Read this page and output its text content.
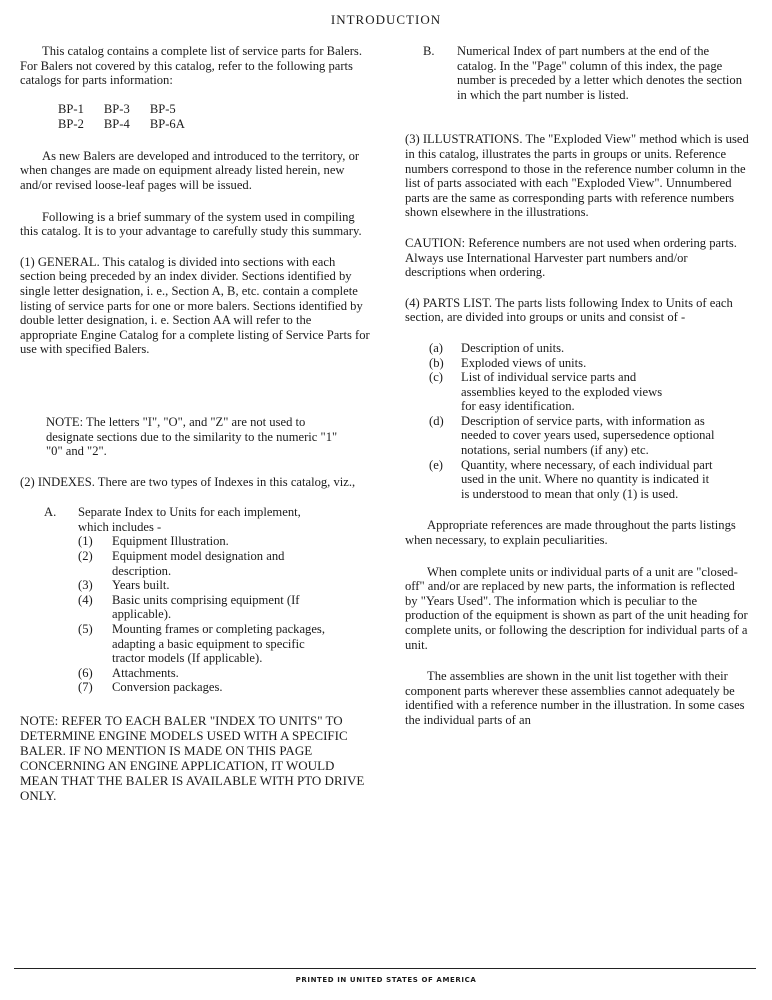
INTRODUCTION

This catalog contains a complete list of service parts for Balers. For Balers not covered by this catalog, refer to the following parts catalogs for parts information:

BP-1	BP-3	BP-5
BP-2	BP-4	BP-6A

As new Balers are developed and introduced to the territory, or when changes are made on equipment already listed herein, new and/or revised loose-leaf pages will be issued.

Following is a brief summary of the system used in compiling this catalog. It is to your advantage to carefully study this summary.

(1) GENERAL. This catalog is divided into sections with each section being preceded by an index divider. Sections identified by single letter designation, i. e., Section A, B, etc. contain a complete listing of service parts for one or more balers. Sections identified by double letter designation, i. e. Section AA will refer to the appropriate Engine Catalog for a complete listing of Service Parts for use with specified Balers.

NOTE: The letters "I", "O", and "Z" are not used to designate sections due to the similarity to the numeric "1" "0" and "2".

(2) INDEXES. There are two types of Indexes in this catalog, viz.,

A.	Separate Index to Units for each implement, which includes -
(1)	Equipment Illustration.
(2)	Equipment model designation and description.
(3)	Years built.
(4)	Basic units comprising equipment (If applicable).
(5)	Mounting frames or completing packages, adapting a basic equipment to specific tractor models (If applicable).
(6)	Attachments.
(7)	Conversion packages.

NOTE: REFER TO EACH BALER "INDEX TO UNITS" TO DETERMINE ENGINE MODELS USED WITH A SPECIFIC BALER. IF NO MENTION IS MADE ON THIS PAGE CONCERNING AN ENGINE APPLICATION, IT WOULD MEAN THAT THE BALER IS AVAILABLE WITH PTO DRIVE ONLY.

B.	Numerical Index of part numbers at the end of the catalog. In the "Page" column of this index, the page number is preceded by a letter which denotes the section in which the part number is listed.

(3) ILLUSTRATIONS. The "Exploded View" method which is used in this catalog, illustrates the parts in groups or units. Reference numbers correspond to those in the reference number column in the list of parts associated with each "Exploded View". Unnumbered parts are the same as corresponding parts with reference numbers shown elsewhere in the illustrations.

CAUTION: Reference numbers are not used when ordering parts. Always use International Harvester part numbers and/or descriptions when ordering.

(4) PARTS LIST. The parts lists following Index to Units of each section, are divided into groups or units and consist of -

(a)	Description of units.
(b)	Exploded views of units.
(c)	List of individual service parts and assemblies keyed to the exploded views for easy identification.
(d)	Description of service parts, with information as needed to cover years used, supersedence optional notations, serial numbers (if any) etc.
(e)	Quantity, where necessary, of each individual part used in the unit. Where no quantity is indicated it is understood to mean that only (1) is used.

Appropriate references are made throughout the parts listings when necessary, to explain peculiarities.

When complete units or individual parts of a unit are "closed-off" and/or are replaced by new parts, the information is reflected by "Years Used". The information which is peculiar to the production of the equipment is shown as part of the unit heading for complete units, or following the description for individual parts of a unit.

The assemblies are shown in the unit list together with their component parts wherever these assemblies cannot adequately be identified with a reference number in the illustration. In some cases the individual parts of an

PRINTED IN UNITED STATES OF AMERICA
